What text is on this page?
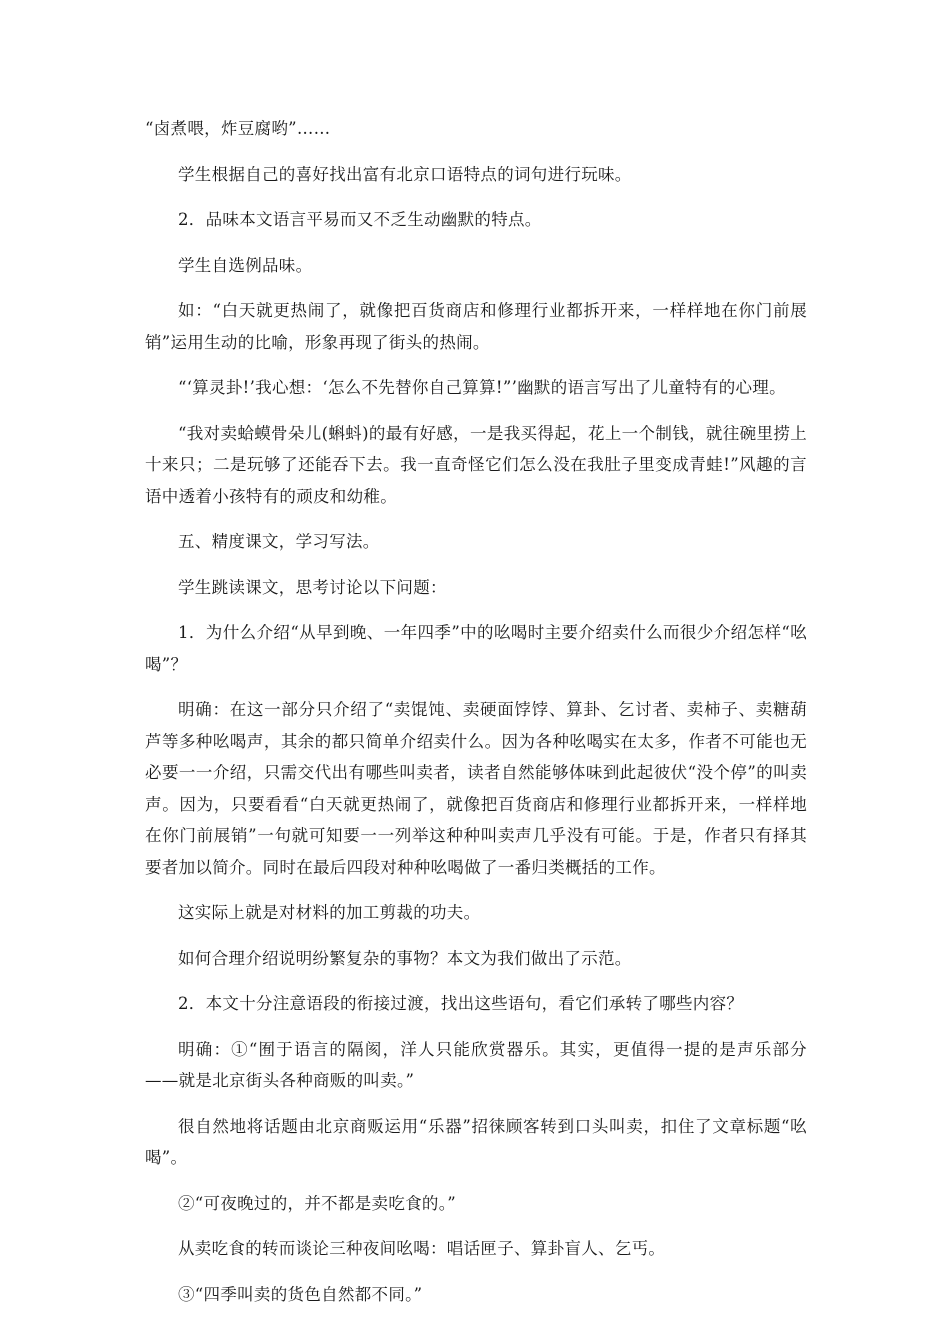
“卤煮喂，炸豆腐哟”……

学生根据自己的喜好找出富有北京口语特点的词句进行玩味。

2．品味本文语言平易而又不乏生动幽默的特点。

学生自选例品味。

如：“白天就更热闹了，就像把百货商店和修理行业都拆开来，一样样地在你门前展销”运用生动的比喻，形象再现了街头的热闹。

“‘算灵卦!’我心想：‘怎么不先替你自己算算!”’幽默的语言写出了儿童特有的心理。

“我对卖蛤蟆骨朵儿(蝌蚪)的最有好感，一是我买得起，花上一个制钱，就往碗里捞上十来只；二是玩够了还能吞下去。我一直奇怪它们怎么没在我肚子里变成青蛙!”风趣的言语中透着小孩特有的顽皮和幼稚。

五、精度课文，学习写法。

学生跳读课文，思考讨论以下问题：

1．为什么介绍“从早到晚、一年四季”中的吆喝时主要介绍卖什么而很少介绍怎样“吆喝”？

明确：在这一部分只介绍了“卖馄饨、卖硬面饽饽、算卦、乞讨者、卖柿子、卖糖葫芦等多种吆喝声，其余的都只简单介绍卖什么。因为各种吆喝实在太多，作者不可能也无必要一一介绍，只需交代出有哪些叫卖者，读者自然能够体味到此起彼伏“没个停”的叫卖声。因为，只要看看“白天就更热闹了，就像把百货商店和修理行业都拆开来，一样样地在你门前展销”一句就可知要一一列举这种种叫卖声几乎没有可能。于是，作者只有择其要者加以简介。同时在最后四段对种种吆喝做了一番归类概括的工作。

这实际上就是对材料的加工剪裁的功夫。

如何合理介绍说明纷繁复杂的事物？本文为我们做出了示范。

2．本文十分注意语段的衔接过渡，找出这些语句，看它们承转了哪些内容？

明确：①“囿于语言的隔阂，洋人只能欣赏器乐。其实，更值得一提的是声乐部分——就是北京街头各种商贩的叫卖。”

很自然地将话题由北京商贩运用“乐器”招徕顾客转到口头叫卖，扣住了文章标题“吆喝”。

②“可夜晚过的，并不都是卖吃食的。”

从卖吃食的转而谈论三种夜间吆喝：唱话匣子、算卦盲人、乞丐。

③“四季叫卖的货色自然都不同。”
